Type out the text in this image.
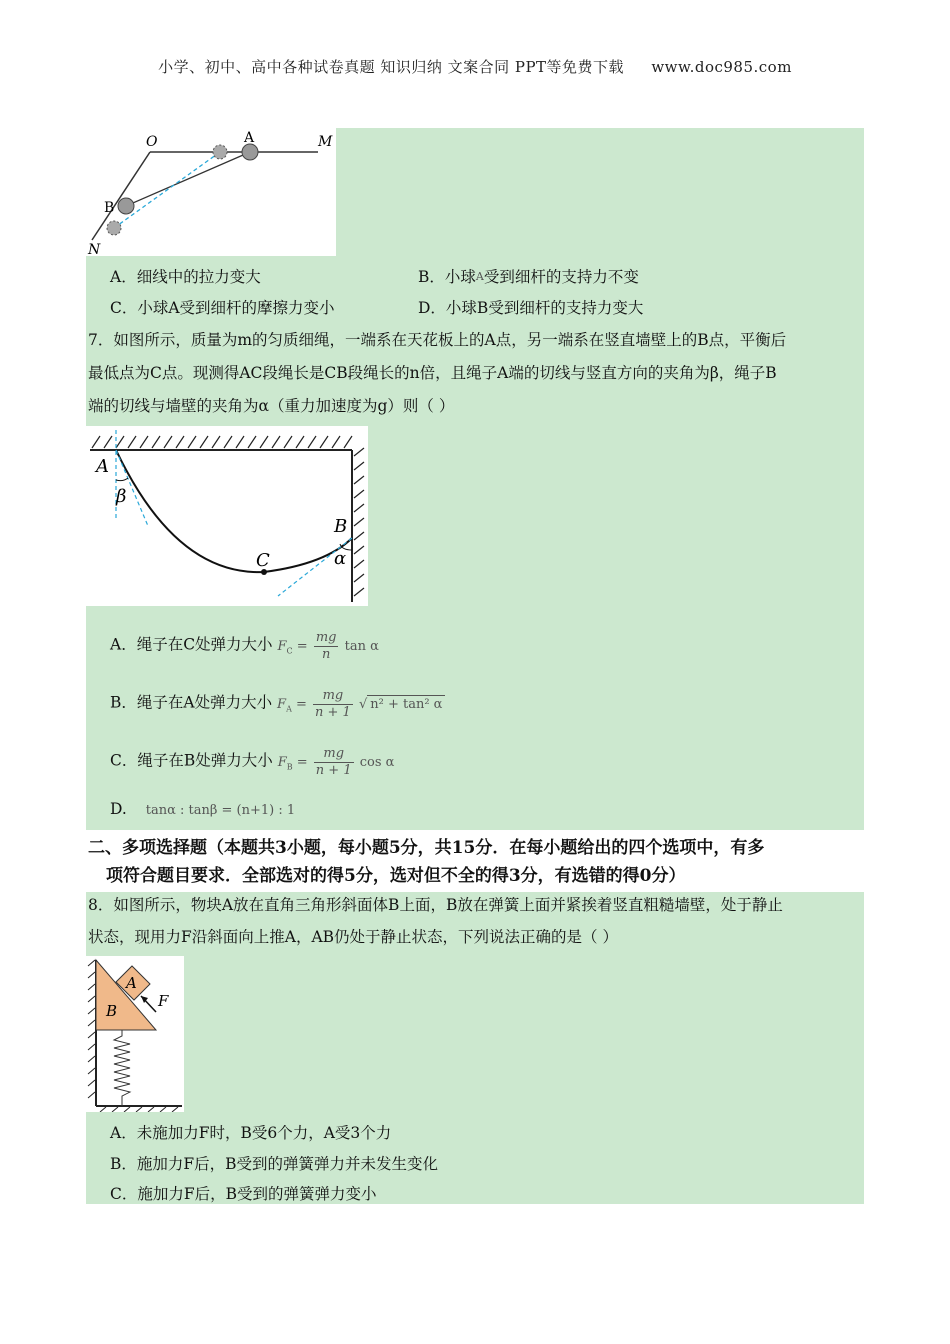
小学、初中、高中各种试卷真题 知识归纳 文案合同 PPT等免费下载 www.doc985.com
O	A	M
B
N
A．细线中的拉力变大	B．小球A受到细杆的支持力不变
C．小球A受到细杆的摩擦力变小	D．小球B受到细杆的支持力变大
7．如图所示，质量为m的匀质细绳，一端系在天花板上的A点，另一端系在竖直墙壁上的B点，平衡后
最低点为C点。现测得AC段绳长是CB段绳长的n倍，且绳子A端的切线与竖直方向的夹角为β，绳子B
端的切线与墙壁的夹角为α（重力加速度为g）则（ ）
A
β
B
α
C
A．绳子在C处弹力大小 $F_C = \frac{mg}{n}$ tan α
B．绳子在A处弹力大小 $F_A = \frac{mg}{n + 1}$ √ n² + tan² α
C．绳子在B处弹力大小 $F_B = \frac{mg}{n + 1}$ cos α
D. tanα : tanβ = (n+1) : 1
二、多项选择题（本题共3小题，每小题5分，共15分．在每小题给出的四个选项中，有多
项符合题目要求．全部选对的得5分，选对但不全的得3分，有选错的得0分）
8．如图所示，物块A放在直角三角形斜面体B上面，B放在弹簧上面并紧挨着竖直粗糙墙壁，处于静止
状态，现用力F沿斜面向上推A，AB仍处于静止状态，下列说法正确的是（ ）
A
B
F
A．未施加力F时，B受6个力，A受3个力
B．施加力F后，B受到的弹簧弹力并未发生变化
C．施加力F后，B受到的弹簧弹力变小
